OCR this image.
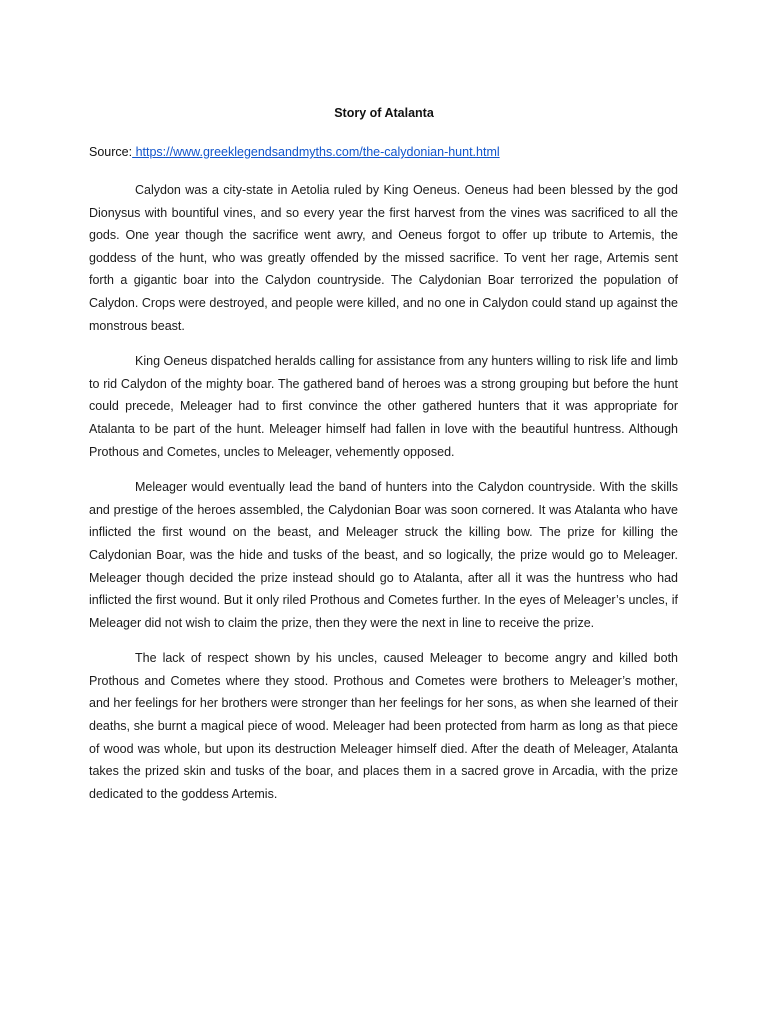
Story of Atalanta
Source: https://www.greeklegendsandmyths.com/the-calydonian-hunt.html

Calydon was a city-state in Aetolia ruled by King Oeneus. Oeneus had been blessed by the god Dionysus with bountiful vines, and so every year the first harvest from the vines was sacrificed to all the gods. One year though the sacrifice went awry, and Oeneus forgot to offer up tribute to Artemis, the goddess of the hunt, who was greatly offended by the missed sacrifice. To vent her rage, Artemis sent forth a gigantic boar into the Calydon countryside. The Calydonian Boar terrorized the population of Calydon. Crops were destroyed, and people were killed, and no one in Calydon could stand up against the monstrous beast.

King Oeneus dispatched heralds calling for assistance from any hunters willing to risk life and limb to rid Calydon of the mighty boar. The gathered band of heroes was a strong grouping but before the hunt could precede, Meleager had to first convince the other gathered hunters that it was appropriate for Atalanta to be part of the hunt. Meleager himself had fallen in love with the beautiful huntress. Although Prothous and Cometes, uncles to Meleager, vehemently opposed.

Meleager would eventually lead the band of hunters into the Calydon countryside. With the skills and prestige of the heroes assembled, the Calydonian Boar was soon cornered. It was Atalanta who have inflicted the first wound on the beast, and Meleager struck the killing bow. The prize for killing the Calydonian Boar, was the hide and tusks of the beast, and so logically, the prize would go to Meleager. Meleager though decided the prize instead should go to Atalanta, after all it was the huntress who had inflicted the first wound. But it only riled Prothous and Cometes further. In the eyes of Meleager’s uncles, if Meleager did not wish to claim the prize, then they were the next in line to receive the prize.

The lack of respect shown by his uncles, caused Meleager to become angry and killed both Prothous and Cometes where they stood. Prothous and Cometes were brothers to Meleager’s mother, and her feelings for her brothers were stronger than her feelings for her sons, as when she learned of their deaths, she burnt a magical piece of wood. Meleager had been protected from harm as long as that piece of wood was whole, but upon its destruction Meleager himself died. After the death of Meleager, Atalanta takes the prized skin and tusks of the boar, and places them in a sacred grove in Arcadia, with the prize dedicated to the goddess Artemis.
